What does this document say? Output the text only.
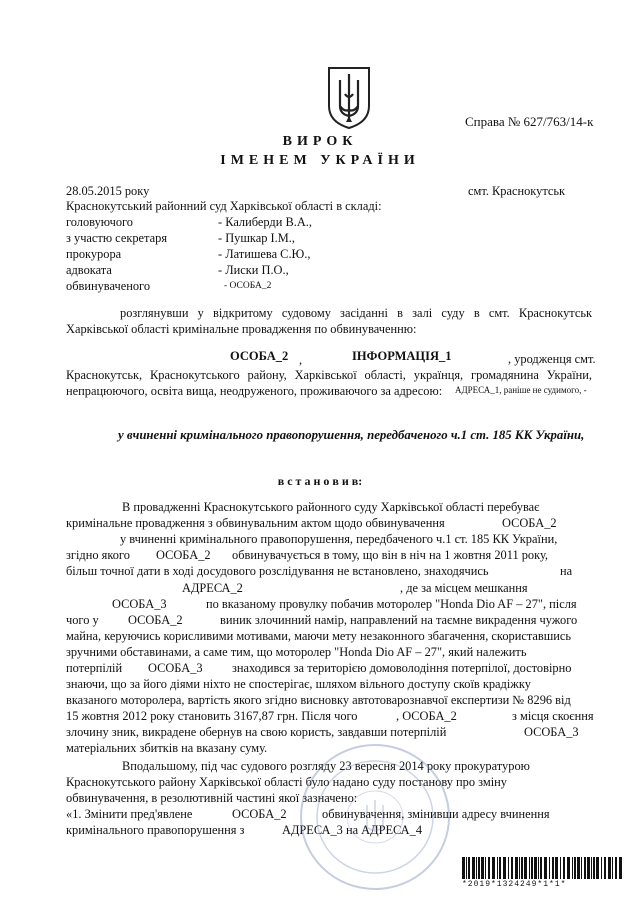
Справа № 627/763/14-к
ВИРОК
ІМЕНЕМ УКРАЇНИ
28.05.2015 року	смт. Краснокутськ
Краснокутський районний суд Харківської області в складі:
головуючого	- Калиберди В.А.,
з участю секретаря	- Пушкар І.М.,
прокурора	- Латишева С.Ю.,
адвоката	- Лиски П.О.,
обвинуваченого	- ОСОБА_2
розглянувши у відкритому судовому засіданні в залі суду в смт. Краснокутськ
Харківської області кримінальне провадження по обвинуваченню:
ОСОБА_2 ,	ІНФОРМАЦІЯ_1	, уродженця смт.
Краснокутськ, Краснокутського району, Харківської області, українця, громадянина України,
непрацюючого, освіта вища, неодруженого, проживаючого за адресою: АДРЕСА_1, раніше не судимого, -
у вчиненні кримінального правопорушення, передбаченого ч.1 ст. 185 КК України,
в с т а н о в и в:
В провадженні Краснокутського районного суду Харківської області перебуває
кримінальне провадження з обвинувальним актом щодо обвинувачення	ОСОБА_2
у вчиненні кримінального правопорушення, передбаченого ч.1 ст. 185 КК України,
згідно якого ОСОБА_2 обвинувачується в тому, що він в ніч на 1 жовтня 2011 року,
більш точної дати в ході досудового розслідування не встановлено, знаходячись	на
АДРЕСА_2	, де за місцем мешкання
ОСОБА_3	по вказаному провулку побачив моторолер "Honda Dio AF – 27", після
чого у ОСОБА_2	виник злочинний намір, направлений на таємне викрадення чужого
майна, керуючись корисливими мотивами, маючи мету незаконного збагачення, скориставшись
зручними обставинами, а саме тим, що моторолер "Honda Dio AF – 27", який належить
потерпілій ОСОБА_3 знаходився за територією домоволодіння потерпілої, достовірно
знаючи, що за його діями ніхто не спостерігає, шляхом вільного доступу скоїв крадіжку
вказаного моторолера, вартість якого згідно висновку автотоварознавчої експертизи № 8296 від
15 жовтня 2012 року становить 3167,87 грн. Після чого	, ОСОБА_2	з місця скоєння
злочину зник, викрадене обернув на свою користь, завдавши потерпілій	ОСОБА_3
матеріальних збитків на вказану суму.
Вподальшому, під час судового розгляду 23 вересня 2014 року прокуратурою
Краснокутського району Харківської області було надано суду постанову про зміну
обвинувачення, в резолютивній частині якої зазначено:
«1. Змінити пред'явлене	ОСОБА_2	обвинувачення, змінивши адресу вчинення
кримінального правопорушення з	АДРЕСА_3 на АДРЕСА_4
*2019*1324249*1*1*
